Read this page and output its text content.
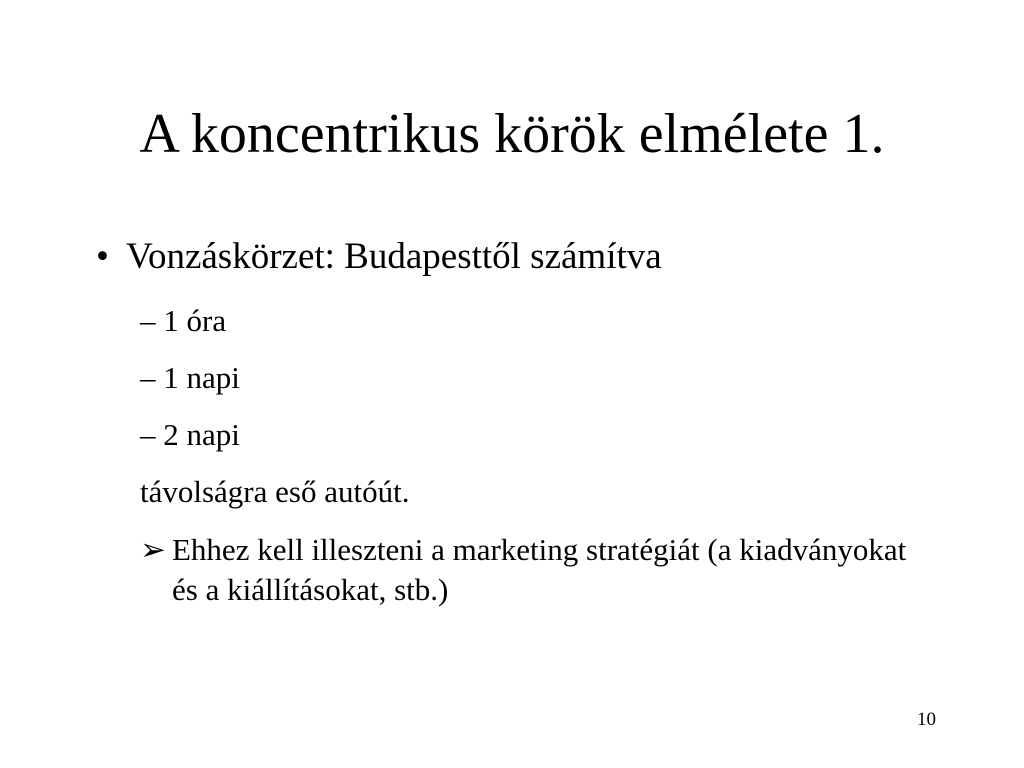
A koncentrikus körök elmélete 1.
• Vonzáskörzet: Budapesttől számítva
– 1 óra
– 1 napi
– 2 napi
távolságra eső autóút.
➢ Ehhez kell illeszteni a marketing stratégiát (a kiadványokat és a kiállításokat, stb.)
10
